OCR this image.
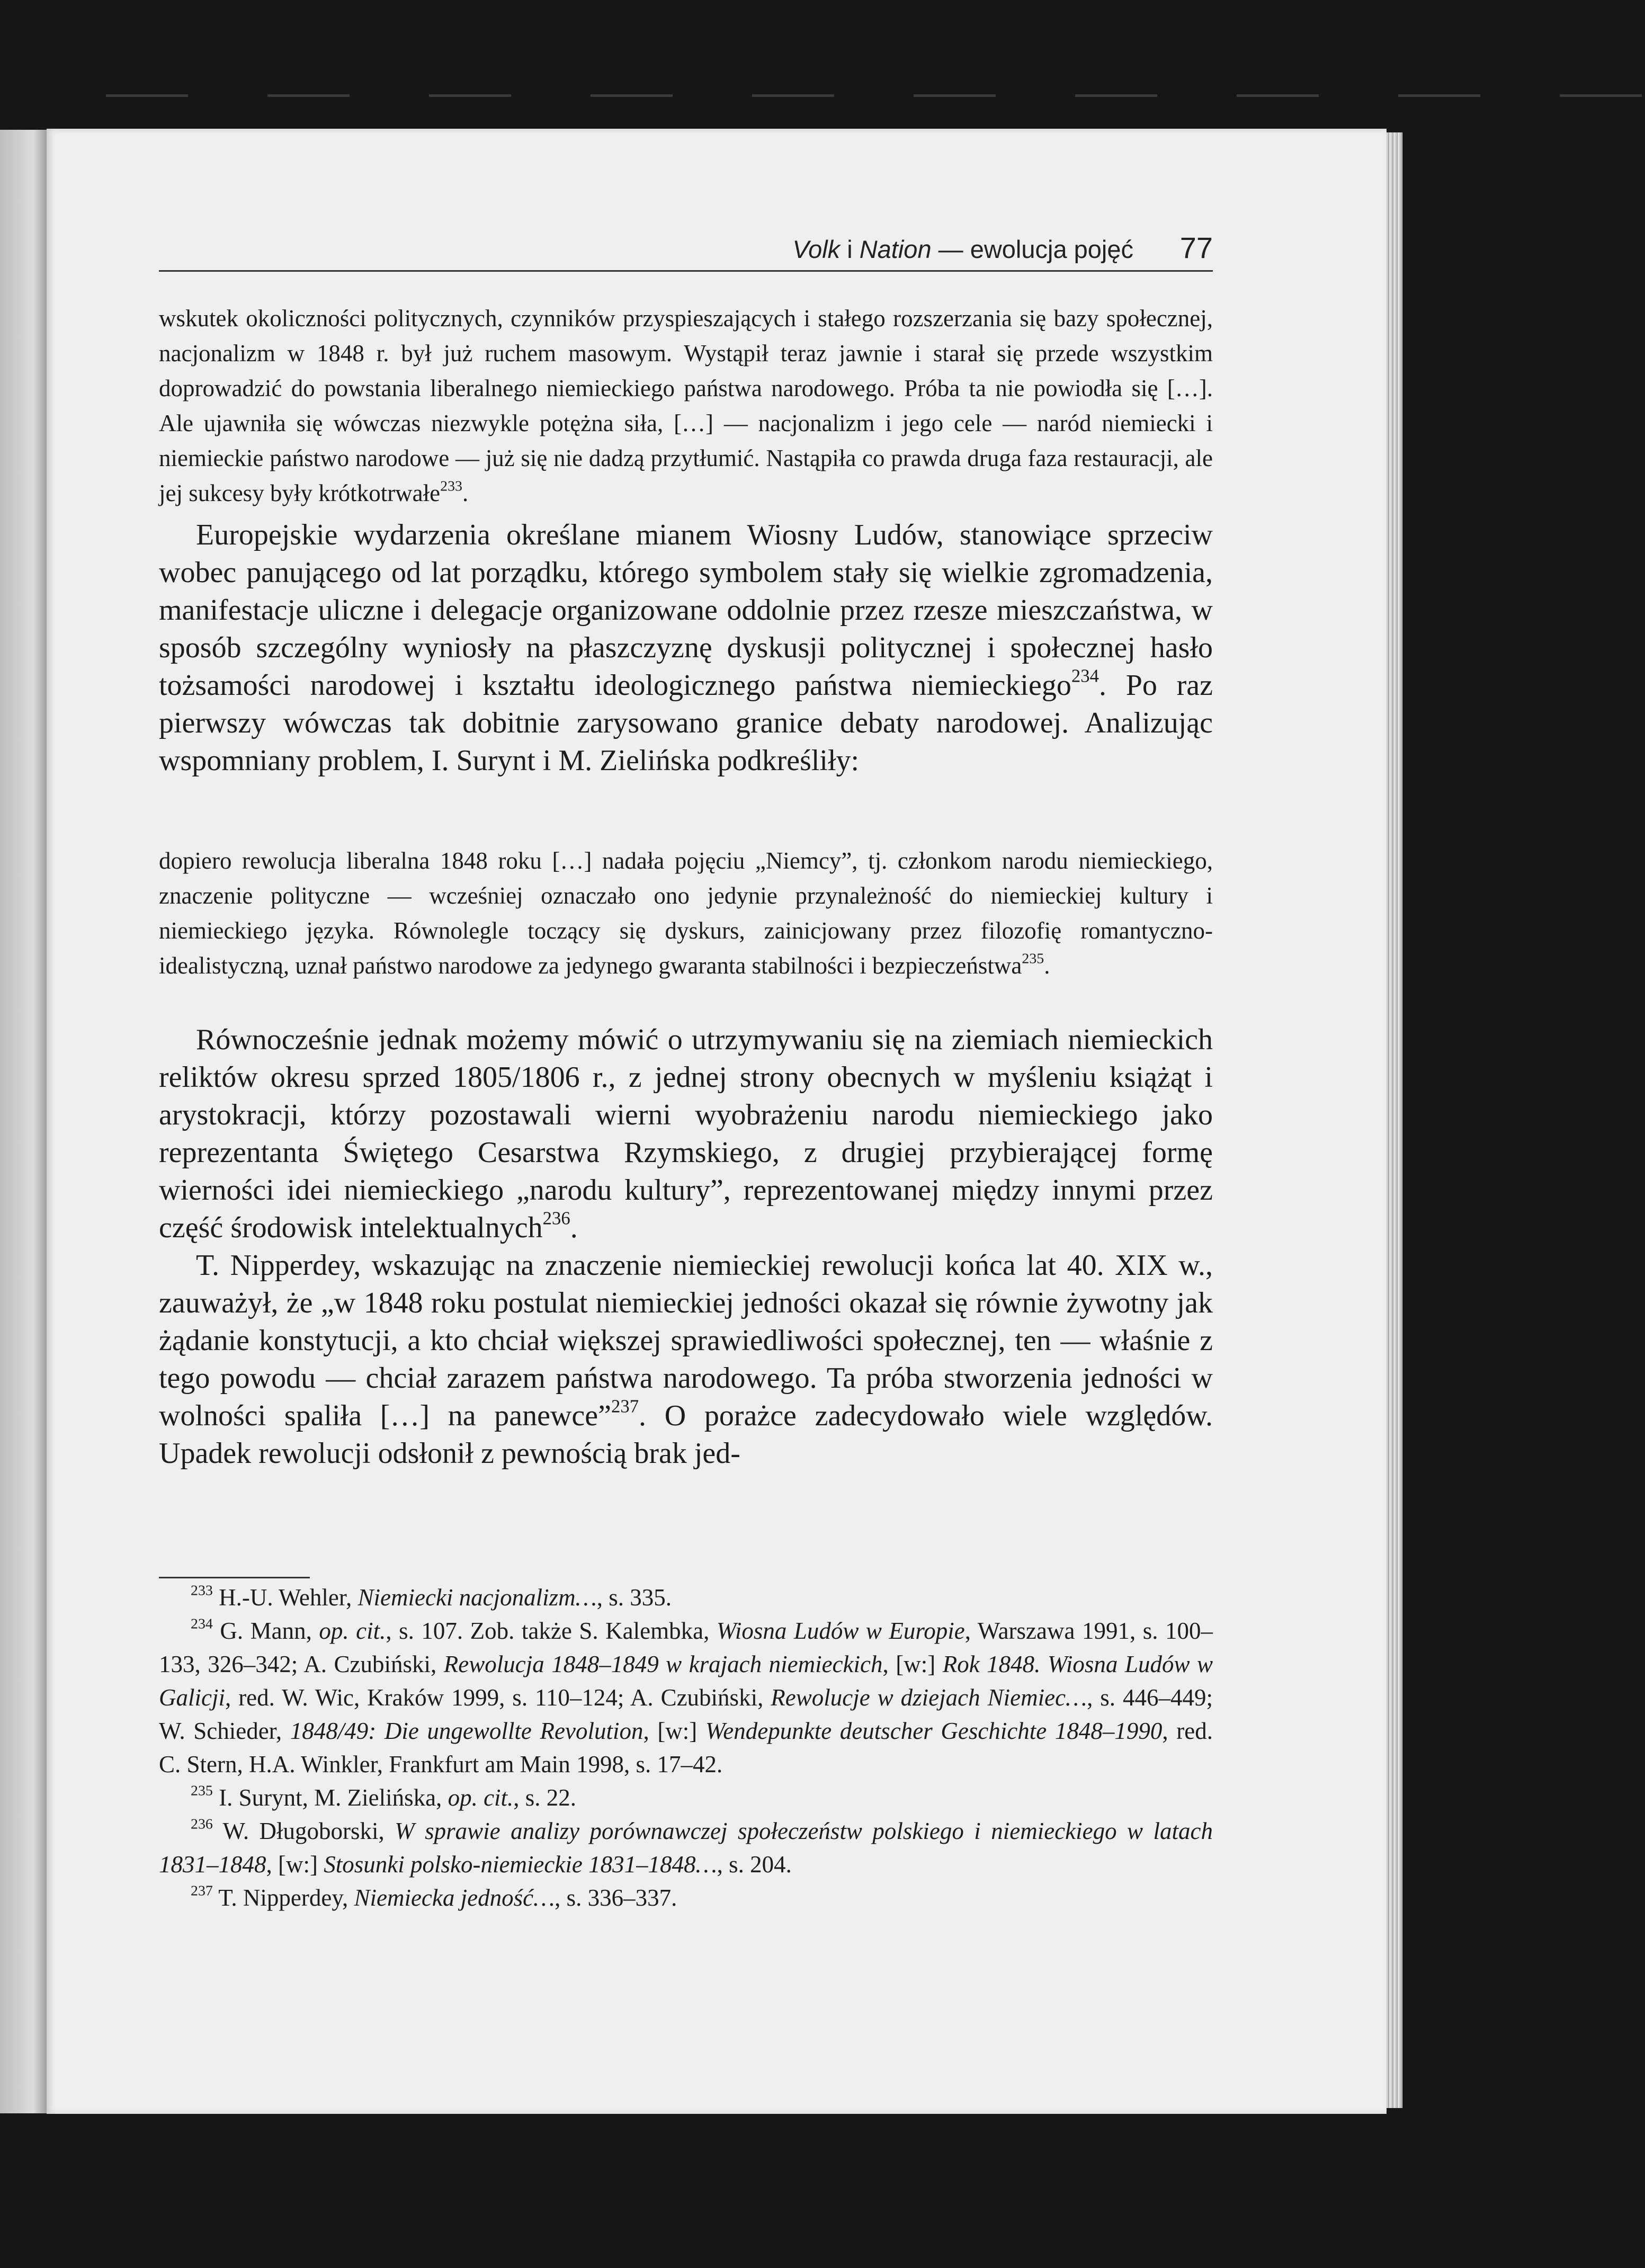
Volk i Nation — ewolucja pojęć 77

wskutek okoliczności politycznych, czynników przyspieszających i stałego rozszerzania się bazy społecznej, nacjonalizm w 1848 r. był już ruchem masowym. Wystąpił teraz jawnie i starał się przede wszystkim doprowadzić do powstania liberalnego niemieckiego państwa narodowego. Próba ta nie powiodła się […]. Ale ujawniła się wówczas niezwykle potężna siła, […] — nacjonalizm i jego cele — naród niemiecki i niemieckie państwo narodowe — już się nie dadzą przytłumić. Nastąpiła co prawda druga faza restauracji, ale jej sukcesy były krótkotrwałe$^{233}$.

Europejskie wydarzenia określane mianem Wiosny Ludów, stanowiące sprzeciw wobec panującego od lat porządku, którego symbolem stały się wielkie zgromadzenia, manifestacje uliczne i delegacje organizowane oddolnie przez rzesze mieszczaństwa, w sposób szczególny wyniosły na płaszczyznę dyskusji politycznej i społecznej hasło tożsamości narodowej i kształtu ideologicznego państwa niemieckiego$^{234}$. Po raz pierwszy wówczas tak dobitnie zarysowano granice debaty narodowej. Analizując wspomniany problem, I. Surynt i M. Zielińska podkreśliły:

dopiero rewolucja liberalna 1848 roku […] nadała pojęciu „Niemcy”, tj. członkom narodu niemieckiego, znaczenie polityczne — wcześniej oznaczało ono jedynie przynależność do niemieckiej kultury i niemieckiego języka. Równolegle toczący się dyskurs, zainicjowany przez filozofię romantyczno-idealistyczną, uznał państwo narodowe za jedynego gwaranta stabilności i bezpieczeństwa$^{235}$.

Równocześnie jednak możemy mówić o utrzymywaniu się na ziemiach niemieckich reliktów okresu sprzed 1805/1806 r., z jednej strony obecnych w myśleniu książąt i arystokracji, którzy pozostawali wierni wyobrażeniu narodu niemieckiego jako reprezentanta Świętego Cesarstwa Rzymskiego, z drugiej przybierającej formę wierności idei niemieckiego „narodu kultury”, reprezentowanej między innymi przez część środowisk intelektualnych$^{236}$.

T. Nipperdey, wskazując na znaczenie niemieckiej rewolucji końca lat 40. XIX w., zauważył, że „w 1848 roku postulat niemieckiej jedności okazał się równie żywotny jak żądanie konstytucji, a kto chciał większej sprawiedliwości społecznej, ten — właśnie z tego powodu — chciał zarazem państwa narodowego. Ta próba stworzenia jedności w wolności spaliła […] na panewce”$^{237}$. O porażce zadecydowało wiele względów. Upadek rewolucji odsłonił z pewnością brak jed-

$^{233}$ H.-U. Wehler, Niemiecki nacjonalizm…, s. 335.

$^{234}$ G. Mann, op. cit., s. 107. Zob. także S. Kalembka, Wiosna Ludów w Europie, Warszawa 1991, s. 100–133, 326–342; A. Czubiński, Rewolucja 1848–1849 w krajach niemieckich, [w:] Rok 1848. Wiosna Ludów w Galicji, red. W. Wic, Kraków 1999, s. 110–124; A. Czubiński, Rewolucje w dziejach Niemiec…, s. 446–449; W. Schieder, 1848/49: Die ungewollte Revolution, [w:] Wendepunkte deutscher Geschichte 1848–1990, red. C. Stern, H.A. Winkler, Frankfurt am Main 1998, s. 17–42.

$^{235}$ I. Surynt, M. Zielińska, op. cit., s. 22.

$^{236}$ W. Długoborski, W sprawie analizy porównawczej społeczeństw polskiego i niemieckiego w latach 1831–1848, [w:] Stosunki polsko-niemieckie 1831–1848…, s. 204.

$^{237}$ T. Nipperdey, Niemiecka jedność…, s. 336–337.
